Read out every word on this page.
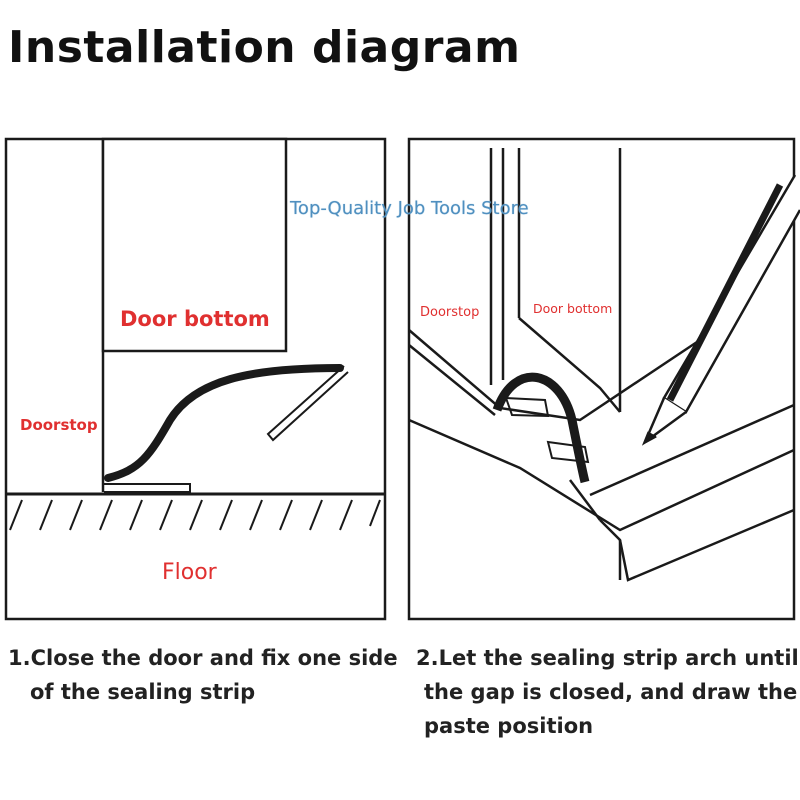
Installation diagram
Door bottom
Doorstop
Floor
Doorstop	Door bottom
Top-Quality Job Tools Store
1.Close the door and fix one side
of the sealing strip
2.Let the sealing strip arch until
the gap is closed, and draw the
paste position
